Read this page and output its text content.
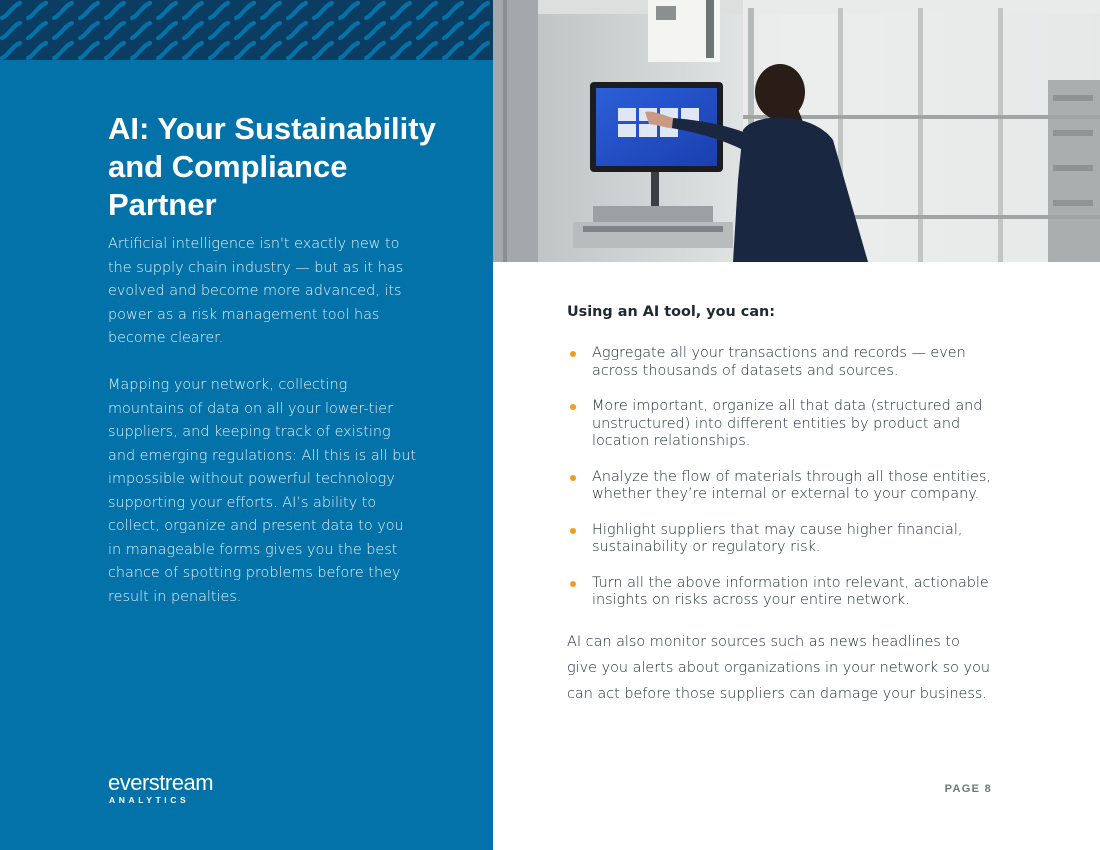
AI: Your Sustainability and Compliance Partner

Artificial intelligence isn't exactly new to the supply chain industry — but as it has evolved and become more advanced, its power as a risk management tool has become clearer.

Mapping your network, collecting mountains of data on all your lower-tier suppliers, and keeping track of existing and emerging regulations: All this is all but impossible without powerful technology supporting your efforts. AI’s ability to collect, organize and present data to you in manageable forms gives you the best chance of spotting problems before they result in penalties.

everstream
ANALYTICS
Using an AI tool, you can:
Aggregate all your transactions and records — even across thousands of datasets and sources.
More important, organize all that data (structured and unstructured) into different entities by product and location relationships.
Analyze the flow of materials through all those entities, whether they’re internal or external to your company.
Highlight suppliers that may cause higher financial, sustainability or regulatory risk.
Turn all the above information into relevant, actionable insights on risks across your entire network.

AI can also monitor sources such as news headlines to give you alerts about organizations in your network so you can act before those suppliers can damage your business.

PAGE 8
